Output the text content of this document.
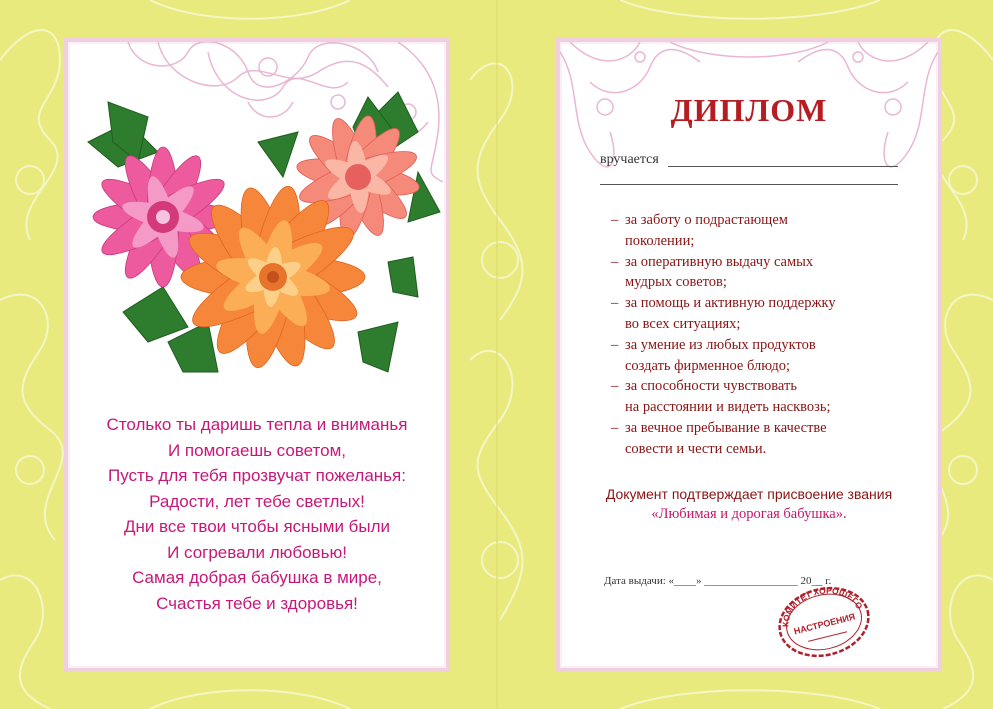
Столько ты даришь тепла и вниманья
И помогаешь советом,
Пусть для тебя прозвучат пожеланья:
Радости, лет тебе светлых!
Дни все твои чтобы ясными были
И согревали любовью!
Самая добрая бабушка в мире,
Счастья тебе и здоровья!
ДИПЛОМ
вручается
– за заботу о подрастающем
поколении;
– за оперативную выдачу самых
мудрых советов;
– за помощь и активную поддержку
во всех ситуациях;
– за умение из любых продуктов
создать фирменное блюдо;
– за способности чувствовать
на расстоянии и видеть насквозь;
– за вечное пребывание в качестве
совести и чести семьи.
Документ подтверждает присвоение звания
«Любимая и дорогая бабушка».
Дата выдачи: «____» _________________ 20__ г.
КОМИТЕТ ХОРОШЕГО
НАСТРОЕНИЯ
